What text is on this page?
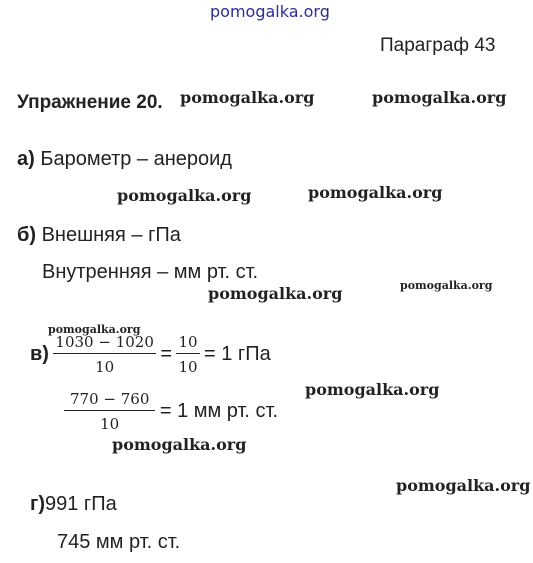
pomogalka.org
pomogalka.org	pomogalka.org
pomogalka.org	pomogalka.org
pomogalka.org	pomogalka.org
pomogalka.org
pomogalka.org
pomogalka.org
pomogalka.org
Параграф 43
Упражнение 20.
а) Барометр – анероид
б) Внешняя – гПа
Внутренняя – мм рт. ст.
$в) \frac{1030 - 1020}{10} = \frac{10}{10} = 1$ гПа
$\frac{770 - 760}{10} = 1$ мм рт. ст.
г)991 гПа
745 мм рт. ст.
